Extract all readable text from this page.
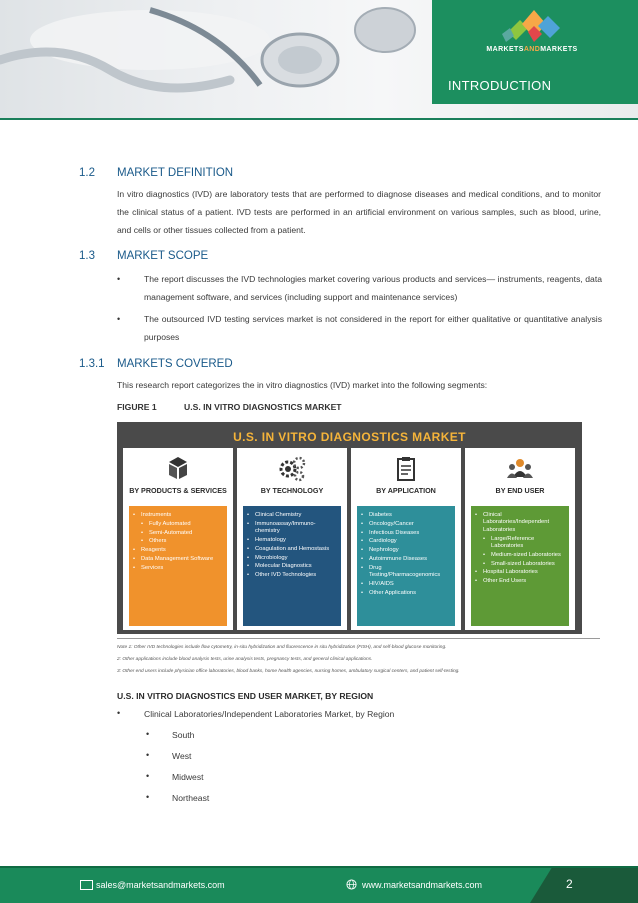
MARKETSANDMARKETS
INTRODUCTION
1.2 MARKET DEFINITION
In vitro diagnostics (IVD) are laboratory tests that are performed to diagnose diseases and medical conditions, and to monitor the clinical status of a patient. IVD tests are performed in an artificial environment on various samples, such as blood, urine, and cells or other tissues collected from a patient.
1.3 MARKET SCOPE
•	The report discusses the IVD technologies market covering various products and services— instruments, reagents, data management software, and services (including support and maintenance services)
•	The outsourced IVD testing services market is not considered in the report for either qualitative or quantitative analysis purposes
1.3.1 MARKETS COVERED
This research report categorizes the in vitro diagnostics (IVD) market into the following segments:
FIGURE 1	U.S. IN VITRO DIAGNOSTICS MARKET
U.S. IN VITRO DIAGNOSTICS MARKET
BY PRODUCTS & SERVICES
• Instruments
• Fully Automated
• Semi-Automated
• Others
• Reagents
• Data Management Software
• Services
BY TECHNOLOGY
• Clinical Chemistry
• Immunoassay/Immuno-chemistry
• Hematology
• Coagulation and Hemostasis
• Microbiology
• Molecular Diagnostics
• Other IVD Technologies
BY APPLICATION
• Diabetes
• Oncology/Cancer
• Infectious Diseases
• Cardiology
• Nephrology
• Autoimmune Diseases
• Drug Testing/Pharmacogenomics
• HIV/AIDS
• Other Applications
BY END USER
• Clinical Laboratories/Independent Laboratories
• Large/Reference Laboratories
• Medium-sized Laboratories
• Small-sized Laboratories
• Hospital Laboratories
• Other End Users
Note 1: Other IVD technologies include flow cytometry, in-situ hybridization and fluorescence in situ hybridization (FISH), and self-blood glucose monitoring.
2: Other applications include blood analysis tests, urine analysis tests, pregnancy tests, and general clinical applications.
3: Other end users include physician office laboratories, blood banks, home health agencies, nursing homes, ambulatory surgical centers, and patient self-testing.
U.S. IN VITRO DIAGNOSTICS END USER MARKET, BY REGION
•	Clinical Laboratories/Independent Laboratories Market, by Region
•	South
•	West
•	Midwest
•	Northeast
sales@marketsandmarkets.com	www.marketsandmarkets.com	2
